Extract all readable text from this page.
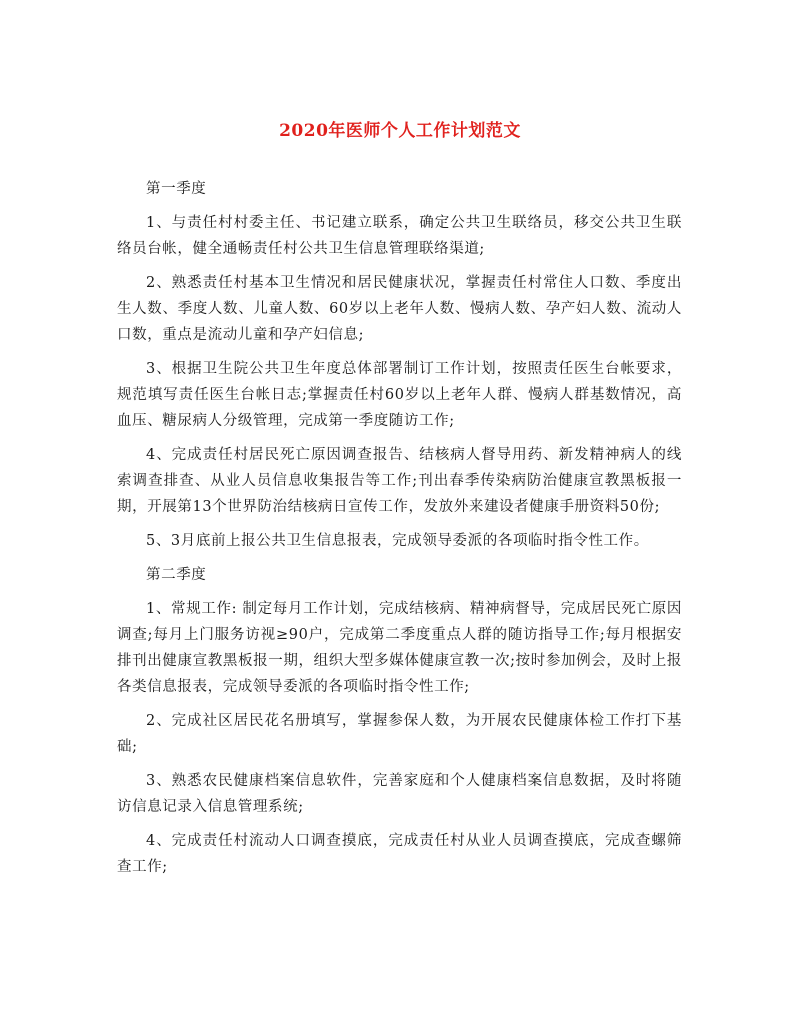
2020年医师个人工作计划范文

第一季度

1、与责任村村委主任、书记建立联系，确定公共卫生联络员，移交公共卫生联络员台帐，健全通畅责任村公共卫生信息管理联络渠道;

2、熟悉责任村基本卫生情况和居民健康状况，掌握责任村常住人口数、季度出生人数、季度人数、儿童人数、60岁以上老年人数、慢病人数、孕产妇人数、流动人口数，重点是流动儿童和孕产妇信息;

3、根据卫生院公共卫生年度总体部署制订工作计划，按照责任医生台帐要求，规范填写责任医生台帐日志;掌握责任村60岁以上老年人群、慢病人群基数情况，高血压、糖尿病人分级管理，完成第一季度随访工作;

4、完成责任村居民死亡原因调查报告、结核病人督导用药、新发精神病人的线索调查排查、从业人员信息收集报告等工作;刊出春季传染病防治健康宣教黑板报一期，开展第13个世界防治结核病日宣传工作，发放外来建设者健康手册资料50份;

5、3月底前上报公共卫生信息报表，完成领导委派的各项临时指令性工作。

第二季度

1、常规工作: 制定每月工作计划，完成结核病、精神病督导，完成居民死亡原因调查;每月上门服务访视≥90户，完成第二季度重点人群的随访指导工作;每月根据安排刊出健康宣教黑板报一期，组织大型多媒体健康宣教一次;按时参加例会，及时上报各类信息报表，完成领导委派的各项临时指令性工作;

2、完成社区居民花名册填写，掌握参保人数，为开展农民健康体检工作打下基础;

3、熟悉农民健康档案信息软件，完善家庭和个人健康档案信息数据，及时将随访信息记录入信息管理系统;

4、完成责任村流动人口调查摸底，完成责任村从业人员调查摸底，完成查螺筛查工作;
